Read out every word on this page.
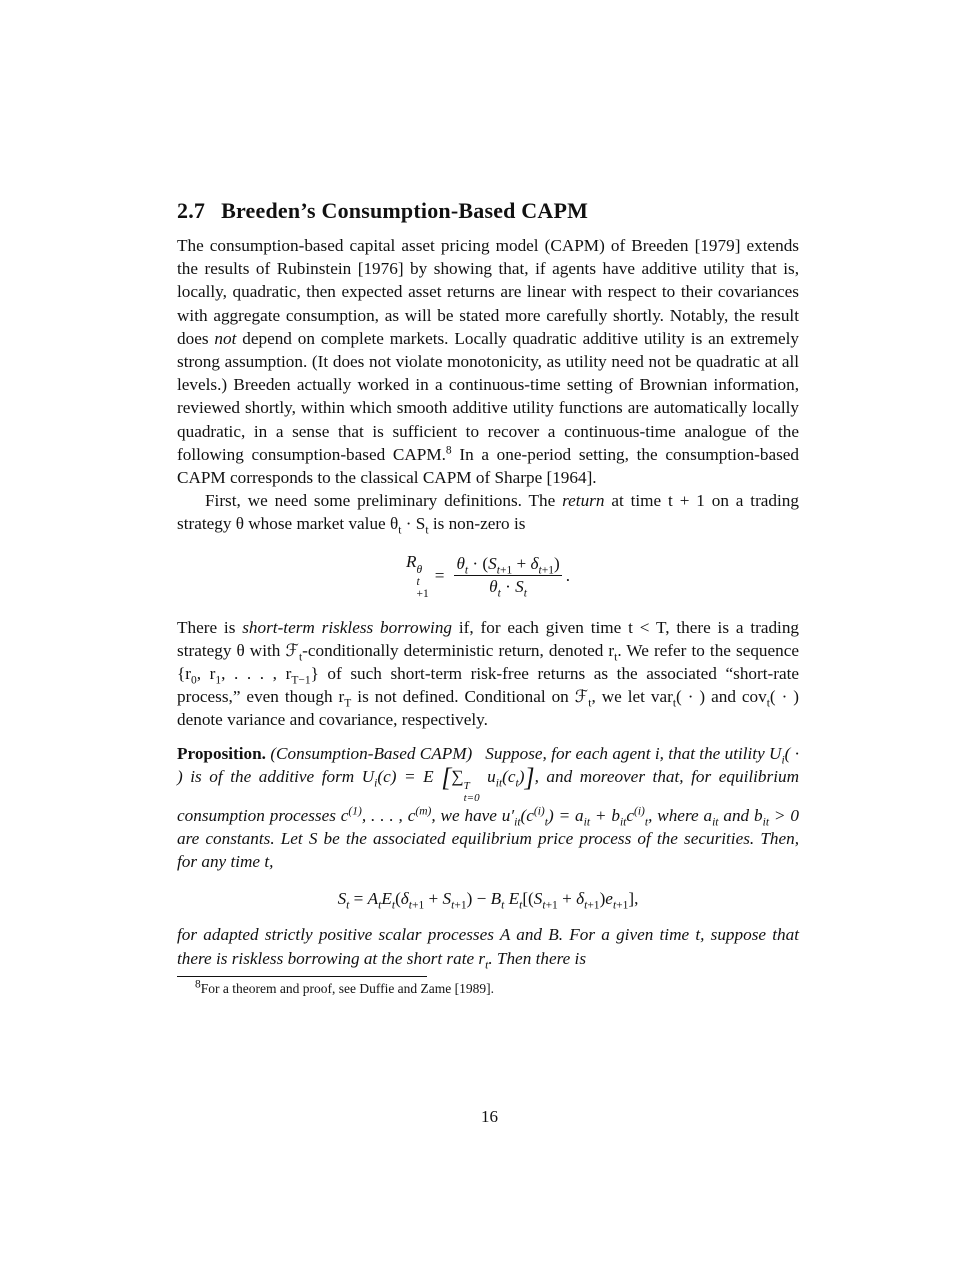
2.7 Breeden’s Consumption-Based CAPM

The consumption-based capital asset pricing model (CAPM) of Breeden [1979] extends the results of Rubinstein [1976] by showing that, if agents have additive utility that is, locally, quadratic, then expected asset returns are linear with respect to their covariances with aggregate consumption, as will be stated more carefully shortly. Notably, the result does not depend on complete markets. Locally quadratic additive utility is an extremely strong assumption. (It does not violate monotonicity, as utility need not be quadratic at all levels.) Breeden actually worked in a continuous-time setting of Brownian information, reviewed shortly, within which smooth additive utility functions are automatically locally quadratic, in a sense that is sufficient to recover a continuous-time analogue of the following consumption-based CAPM.$^8$ In a one-period setting, the consumption-based CAPM corresponds to the classical CAPM of Sharpe [1964].

First, we need some preliminary definitions. The return at time t + 1 on a trading strategy θ whose market value $\theta_t \cdot S_t$ is non-zero is

R θ
t
+1
= $\frac{\theta_t \cdot (S_{t+1} + \delta_{t+1})}{\theta_t \cdot S_t}$ .

There is short-term riskless borrowing if, for each given time t < T, there is a trading strategy θ with ℱ$_t$-conditionally deterministic return, denoted $r_t$. We refer to the sequence {$r_0$, $r_1$, . . . , $r_{T-1}$} of such short-term risk-free returns as the associated “short-rate process,” even though $r_T$ is not defined. Conditional on ℱ$_t$, we let var$_t$( · ) and cov$_t$( · ) denote variance and covariance, respectively.

Proposition. (Consumption-Based CAPM) Suppose, for each agent i, that the utility $U_i$( · ) is of the additive form $U_i(c) = E$ [∑ T
t=0
$u_{it}(c_t)$], and moreover that, for equilibrium consumption processes $c^{(1)}$, . . . , $c^{(m)}$, we have $u'_{it}(c^{(i)}_t) = a_{it} + b_{it}c^{(i)}_t$, where $a_{it}$ and $b_{it} > 0$ are constants. Let S be the associated equilibrium price process of the securities. Then, for any time t,
$S_t = A_tE_t(\delta_{t+1} + S_{t+1}) - B_t$ $E_t[(S_{t+1} + \delta_{t+1})e_{t+1}]$,

for adapted strictly positive scalar processes A and B. For a given time t, suppose that there is riskless borrowing at the short rate $r_t$. Then there is

$^8$For a theorem and proof, see Duffie and Zame [1989].
16
